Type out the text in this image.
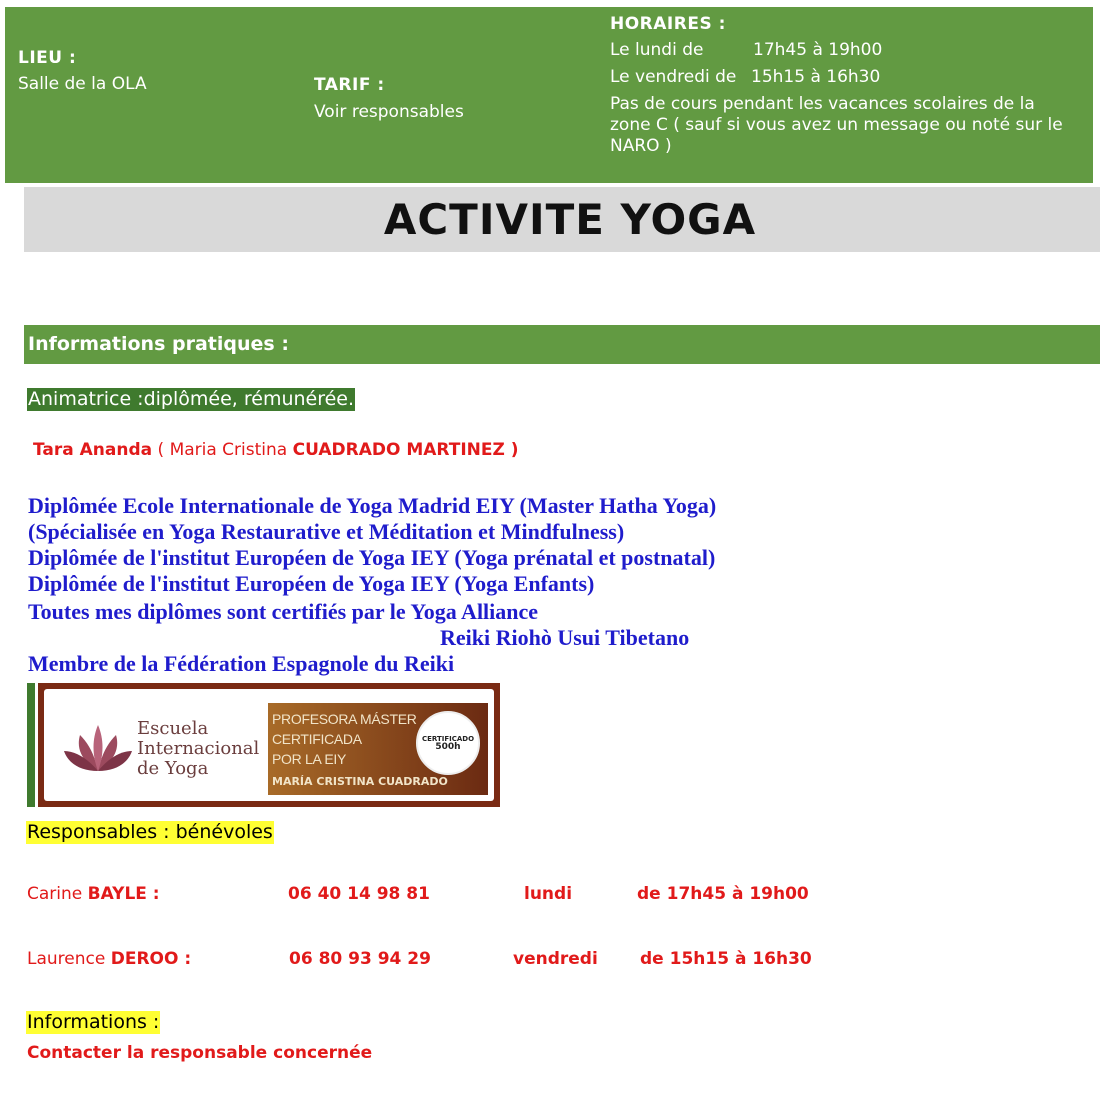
LIEU :
Salle de la OLA	TARIF :
Voir responsables
HORAIRES :
Le lundi de	17h45 à 19h00
Le vendredi de 15h15 à 16h30
Pas de cours pendant les vacances scolaires de la
zone C ( sauf si vous avez un message ou noté sur le
NARO )
ACTIVITE YOGA
Informations pratiques :
Animatrice :diplômée, rémunérée.
Tara Ananda ( Maria Cristina CUADRADO MARTINEZ )
Diplômée Ecole Internationale de Yoga Madrid EIY (Master Hatha Yoga)
(Spécialisée en Yoga Restaurative et Méditation et Mindfulness)
Diplômée de l'institut Européen de Yoga IEY (Yoga prénatal et postnatal)
Diplômée de l'institut Européen de Yoga IEY (Yoga Enfants)
Toutes mes diplômes sont certifiés par le Yoga Alliance
Reiki Riohò Usui Tibetano
Membre de la Fédération Espagnole du Reiki
Escuela
Internacional
de Yoga
PROFESORA MÁSTER
CERTIFICADA
POR LA EIY
MARÍA CRISTINA CUADRADO
CERTIFICADO
500h
Responsables : bénévoles
Carine BAYLE :	06 40 14 98 81	lundi	de 17h45 à 19h00
Laurence DEROO :	06 80 93 94 29	vendredi de 15h15 à 16h30
Informations :
Contacter la responsable concernée
